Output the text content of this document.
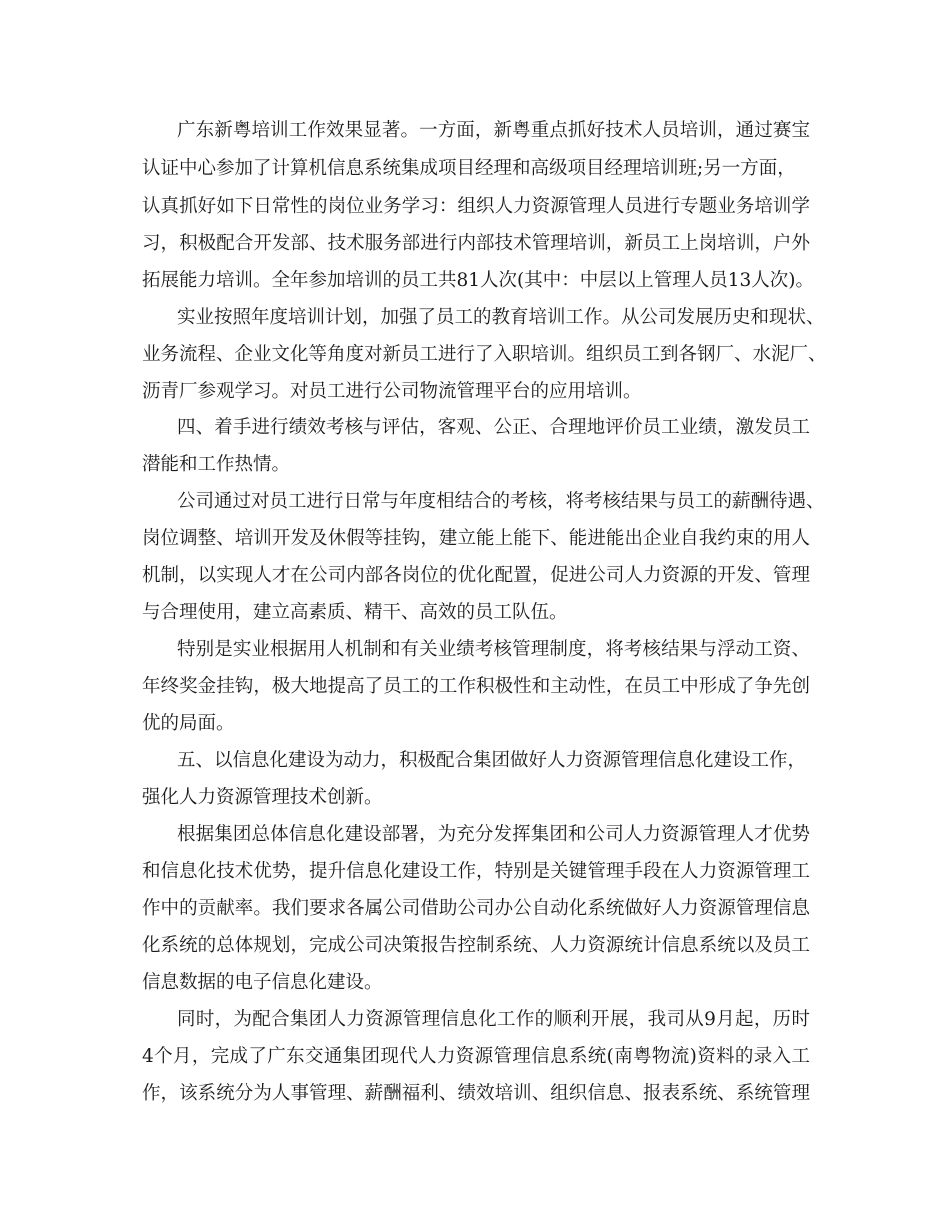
广东新粤培训工作效果显著。一方面，新粤重点抓好技术人员培训，通过赛宝
认证中心参加了计算机信息系统集成项目经理和高级项目经理培训班;另一方面，
认真抓好如下日常性的岗位业务学习：组织人力资源管理人员进行专题业务培训学
习，积极配合开发部、技术服务部进行内部技术管理培训，新员工上岗培训，户外
拓展能力培训。全年参加培训的员工共81人次(其中：中层以上管理人员13人次)。
实业按照年度培训计划，加强了员工的教育培训工作。从公司发展历史和现状、
业务流程、企业文化等角度对新员工进行了入职培训。组织员工到各钢厂、水泥厂、
沥青厂参观学习。对员工进行公司物流管理平台的应用培训。
四、着手进行绩效考核与评估，客观、公正、合理地评价员工业绩，激发员工
潜能和工作热情。
公司通过对员工进行日常与年度相结合的考核，将考核结果与员工的薪酬待遇、
岗位调整、培训开发及休假等挂钩，建立能上能下、能进能出企业自我约束的用人
机制，以实现人才在公司内部各岗位的优化配置，促进公司人力资源的开发、管理
与合理使用，建立高素质、精干、高效的员工队伍。
特别是实业根据用人机制和有关业绩考核管理制度，将考核结果与浮动工资、
年终奖金挂钩，极大地提高了员工的工作积极性和主动性，在员工中形成了争先创
优的局面。
五、以信息化建设为动力，积极配合集团做好人力资源管理信息化建设工作，
强化人力资源管理技术创新。
根据集团总体信息化建设部署，为充分发挥集团和公司人力资源管理人才优势
和信息化技术优势，提升信息化建设工作，特别是关键管理手段在人力资源管理工
作中的贡献率。我们要求各属公司借助公司办公自动化系统做好人力资源管理信息
化系统的总体规划，完成公司决策报告控制系统、人力资源统计信息系统以及员工
信息数据的电子信息化建设。
同时，为配合集团人力资源管理信息化工作的顺利开展，我司从9月起，历时
4个月，完成了广东交通集团现代人力资源管理信息系统(南粤物流)资料的录入工
作，该系统分为人事管理、薪酬福利、绩效培训、组织信息、报表系统、系统管理
